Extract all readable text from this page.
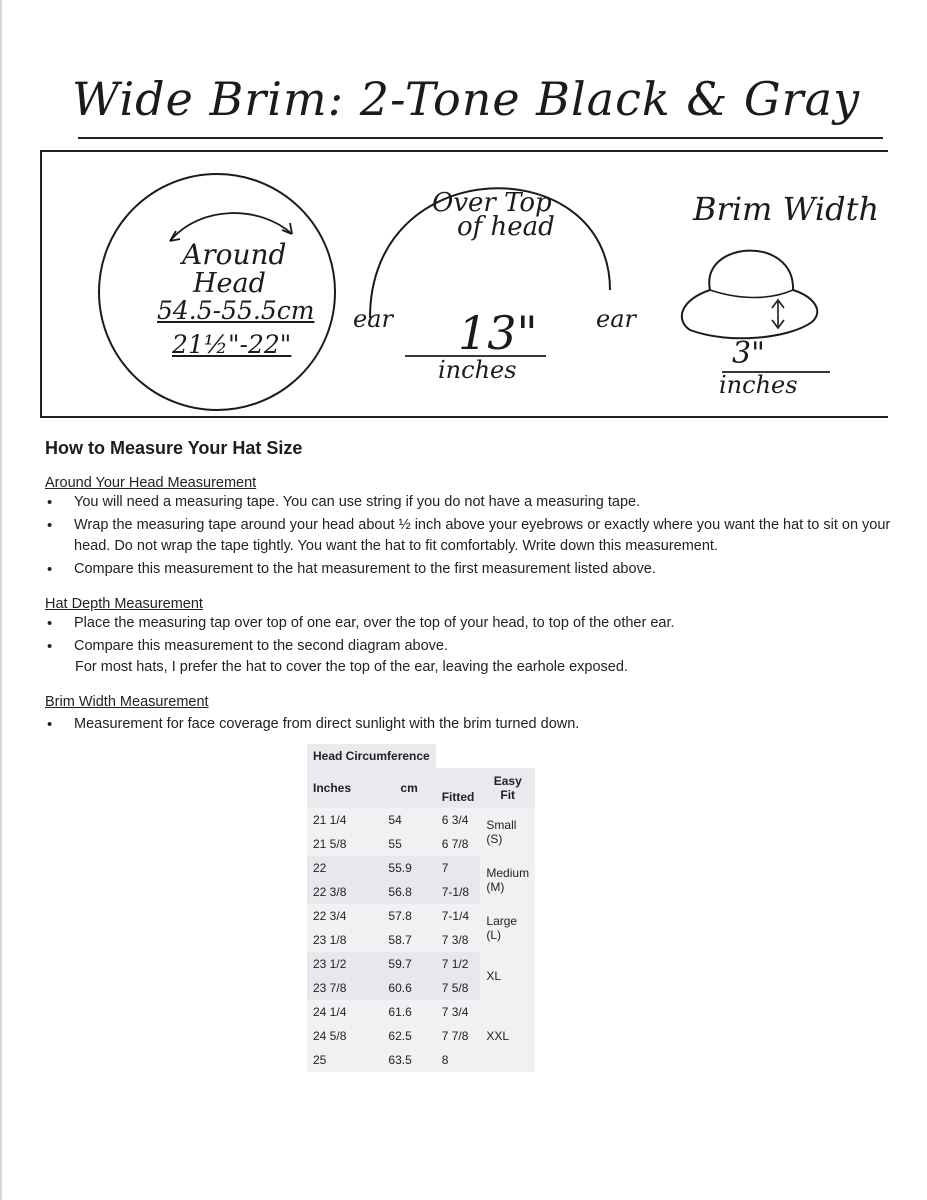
Wide Brim: 2-Tone Black & Gray
Around
Head
54.5-55.5cm
21½"-22"
ear	ear
Over Top
of head
13"
inches
Brim Width
3"
inches
How to Measure Your Hat Size
Around Your Head Measurement
• You will need a measuring tape. You can use string if you do not have a measuring tape.
• Wrap the measuring tape around your head about ½ inch above your eyebrows or exactly where you want the hat to sit on your head. Do not wrap the tape tightly. You want the hat to fit comfortably. Write down this measurement.
• Compare this measurement to the hat measurement to the first measurement listed above.
Hat Depth Measurement
• Place the measuring tap over top of one ear, over the top of your head, to top of the other ear.
• Compare this measurement to the second diagram above.
For most hats, I prefer the hat to cover the top of the ear, leaving the earhole exposed.
Brim Width Measurement
• Measurement for face coverage from direct sunlight with the brim turned down.
Head Circumference			
Inches	cm	Fitted	Easy Fit
21 1/4	54	6 3/4	Small (S)
21 5/8	55	6 7/8	
22	55.9	7	Medium (M)
22 3/8	56.8	7-1/8	
22 3/4	57.8	7-1/4	Large (L)
23 1/8	58.7	7 3/8	
23 1/2	59.7	7 1/2	XL
23 7/8	60.6	7 5/8	
24 1/4	61.6	7 3/4	XXL
24 5/8	62.5	7 7/8	
25	63.5	8	
